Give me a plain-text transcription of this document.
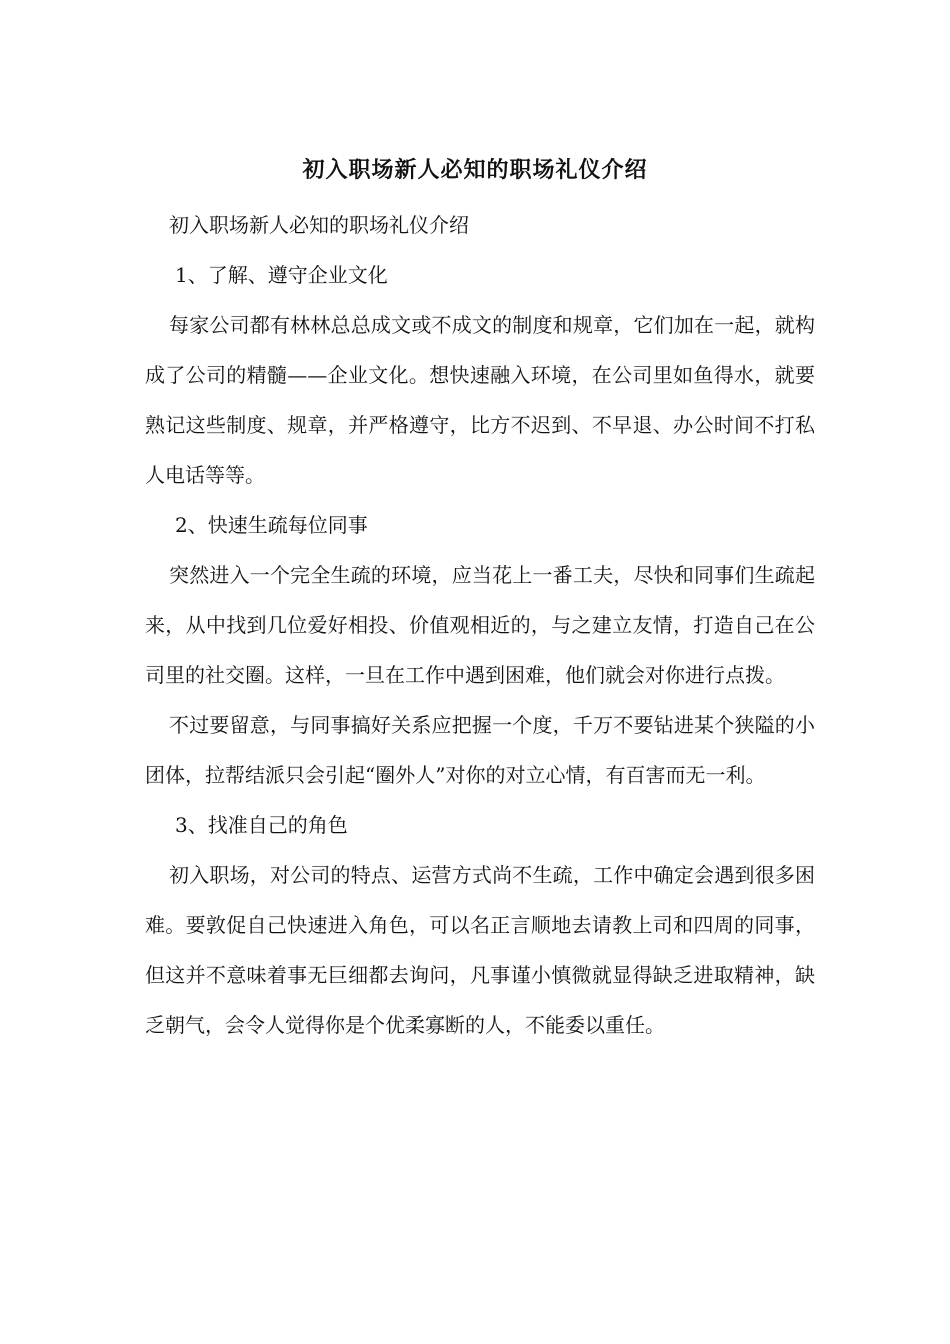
初入职场新人必知的职场礼仪介绍

初入职场新人必知的职场礼仪介绍

1、了解、遵守企业文化

每家公司都有林林总总成文或不成文的制度和规章，它们加在一起，就构成了公司的精髓——企业文化。想快速融入环境，在公司里如鱼得水，就要熟记这些制度、规章，并严格遵守，比方不迟到、不早退、办公时间不打私人电话等等。

2、快速生疏每位同事

突然进入一个完全生疏的环境，应当花上一番工夫，尽快和同事们生疏起来，从中找到几位爱好相投、价值观相近的，与之建立友情，打造自己在公司里的社交圈。这样，一旦在工作中遇到困难，他们就会对你进行点拨。

不过要留意，与同事搞好关系应把握一个度，千万不要钻进某个狭隘的小团体，拉帮结派只会引起“圈外人”对你的对立心情，有百害而无一利。

3、找准自己的角色

初入职场，对公司的特点、运营方式尚不生疏，工作中确定会遇到很多困难。要敦促自己快速进入角色，可以名正言顺地去请教上司和四周的同事，但这并不意味着事无巨细都去询问，凡事谨小慎微就显得缺乏进取精神，缺乏朝气，会令人觉得你是个优柔寡断的人，不能委以重任。
